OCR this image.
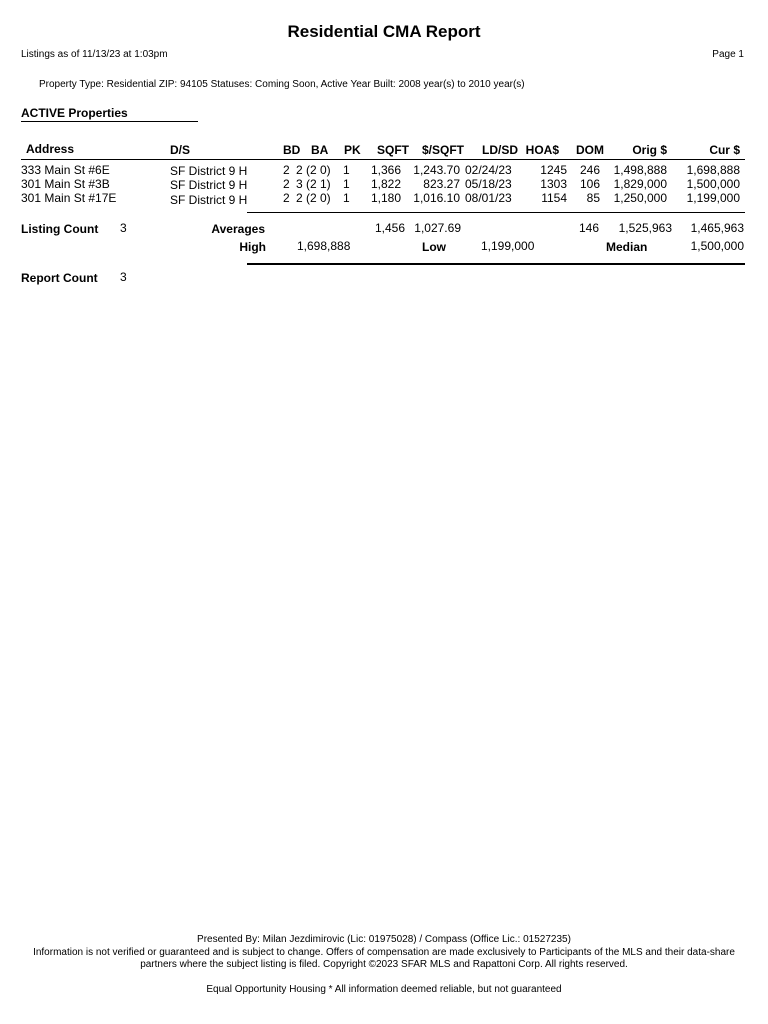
Residential CMA Report
Listings as of 11/13/23 at 1:03pm	Page 1
Property Type: Residential ZIP: 94105 Statuses: Coming Soon, Active Year Built: 2008 year(s) to 2010 year(s)
ACTIVE Properties
Address	D/S	BD BA PK SQFT $/SQFT LD/SD HOA$ DOM Orig $	Cur $
333 Main St #6E	SF District 9 H	2 2 (2 0) 1 1,366 1,243.70 02/24/23 1245 246 1,498,888 1,698,888
301 Main St #3B	SF District 9 H	2 3 (2 1) 1 1,822 823.27 05/18/23 1303 106 1,829,000 1,500,000
301 Main St #17E	SF District 9 H	2 2 (2 0) 1 1,180 1,016.10 08/01/23 1154 85 1,250,000 1,199,000
Listing Count 3	Averages	1,456 1,027.69	146 1,525,963 1,465,963
High	1,698,888	Low	1,199,000	Median	1,500,000
Report Count 3
Presented By: Milan Jezdimirovic (Lic: 01975028) / Compass (Office Lic.: 01527235)
Information is not verified or guaranteed and is subject to change. Offers of compensation are made exclusively to Participants of the MLS and their data-share
partners where the subject listing is filed. Copyright ©2023 SFAR MLS and Rapattoni Corp. All rights reserved.
Equal Opportunity Housing * All information deemed reliable, but not guaranteed
